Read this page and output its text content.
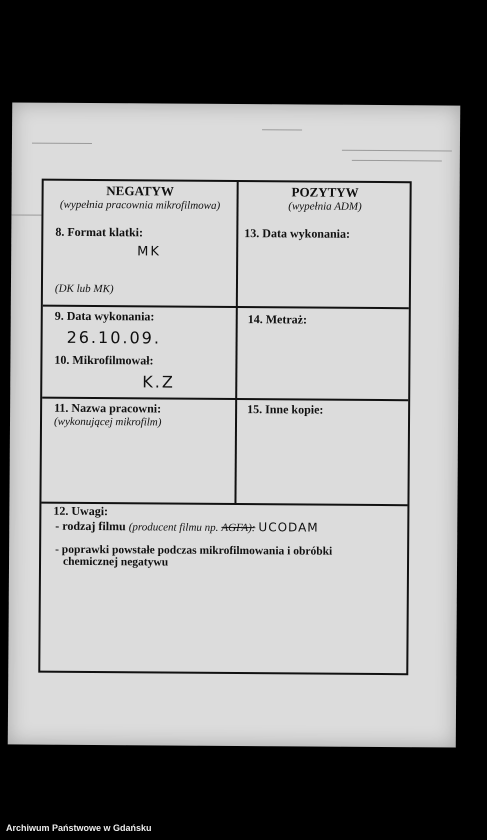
NEGATYW
(wypełnia pracownia mikrofilmowa)
8. Format klatki:
MK
(DK lub MK)
POZYTYW
(wypełnia ADM)
13. Data wykonania:
9. Data wykonania:
26.10.09.
10. Mikrofilmował:
K.Z
14. Metraż:
11. Nazwa pracowni:
(wykonującej mikrofilm)
15. Inne kopie:
12. Uwagi:
- rodzaj filmu (producent filmu np. AGFA): UCODAM
- poprawki powstałe podczas mikrofilmowania i obróbki
chemicznej negatywu
Archiwum Państwowe w Gdańsku
